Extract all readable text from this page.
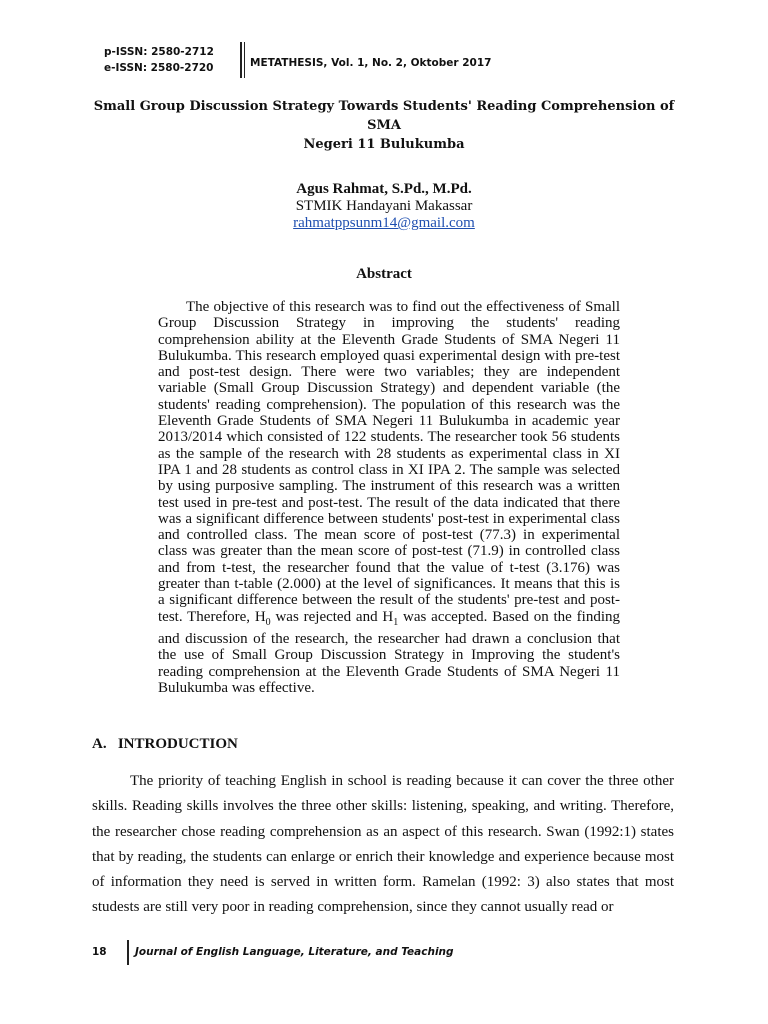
p-ISSN: 2580-2712
e-ISSN: 2580-2720	METATHESIS, Vol. 1, No. 2, Oktober 2017
Small Group Discussion Strategy Towards Students' Reading Comprehension of SMA
Negeri 11 Bulukumba
Agus Rahmat, S.Pd., M.Pd.
STMIK Handayani Makassar
rahmatppsunm14@gmail.com
Abstract

The objective of this research was to find out the effectiveness of Small Group Discussion Strategy in improving the students' reading comprehension ability at the Eleventh Grade Students of SMA Negeri 11 Bulukumba. This research employed quasi experimental design with pre-test and post-test design. There were two variables; they are independent variable (Small Group Discussion Strategy) and dependent variable (the students' reading comprehension). The population of this research was the Eleventh Grade Students of SMA Negeri 11 Bulukumba in academic year 2013/2014 which consisted of 122 students. The researcher took 56 students as the sample of the research with 28 students as experimental class in XI IPA 1 and 28 students as control class in XI IPA 2. The sample was selected by using purposive sampling. The instrument of this research was a written test used in pre-test and post-test. The result of the data indicated that there was a significant difference between students' post-test in experimental class and controlled class. The mean score of post-test (77.3) in experimental class was greater than the mean score of post-test (71.9) in controlled class and from t-test, the researcher found that the value of t-test (3.176) was greater than t-table (2.000) at the level of significances. It means that this is a significant difference between the result of the students' pre-test and post-test. Therefore, $H_0$ was rejected and $H_1$ was accepted. Based on the finding and discussion of the research, the researcher had drawn a conclusion that the use of Small Group Discussion Strategy in Improving the student's reading comprehension at the Eleventh Grade Students of SMA Negeri 11 Bulukumba was effective.

A.   INTRODUCTION

The priority of teaching English in school is reading because it can cover the three other skills. Reading skills involves the three other skills: listening, speaking, and writing. Therefore, the researcher chose reading comprehension as an aspect of this research. Swan (1992:1) states that by reading, the students can enlarge or enrich their knowledge and experience because most of information they need is served in written form. Ramelan (1992: 3) also states that most studests are still very poor in reading comprehension, since they cannot usually read or

18	Journal of English Language, Literature, and Teaching
